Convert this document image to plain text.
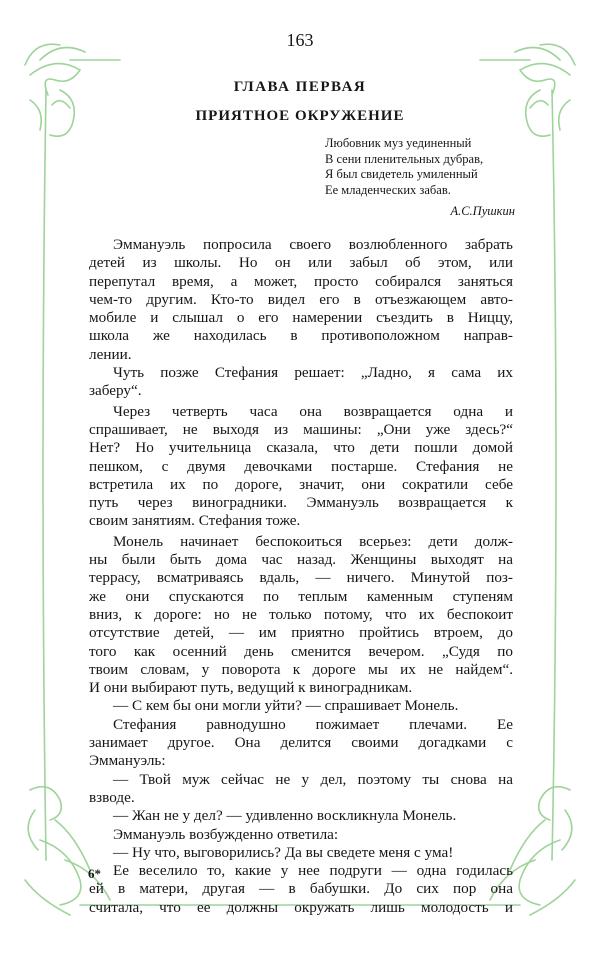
163
ГЛАВА ПЕРВАЯ
ПРИЯТНОЕ ОКРУЖЕНИЕ
Любовник муз уединенный
В сени пленительных дубрав,
Я был свидетель умиленный
Ее младенческих забав.
А.С.Пушкин
Эммануэль попросила своего возлюбленного забрать
детей из школы. Но он или забыл об этом, или
перепутал время, а может, просто собирался заняться
чем-то другим. Кто-то видел его в отъезжающем авто-
мобиле и слышал о его намерении съездить в Ниццу,
школа же находилась в противоположном направ-
лении.
Чуть позже Стефания решает: „Ладно, я сама их
заберу“.
Через четверть часа она возвращается одна и
спрашивает, не выходя из машины: „Они уже здесь?“
Нет? Но учительница сказала, что дети пошли домой
пешком, с двумя девочками постарше. Стефания не
встретила их по дороге, значит, они сократили себе
путь через виноградники. Эммануэль возвращается к
своим занятиям. Стефания тоже.
Монель начинает беспокоиться всерьез: дети долж-
ны были быть дома час назад. Женщины выходят на
террасу, всматриваясь вдаль, — ничего. Минутой поз-
же они спускаются по теплым каменным ступеням
вниз, к дороге: но не только потому, что их беспокоит
отсутствие детей, — им приятно пройтись втроем, до
того как осенний день сменится вечером. „Судя по
твоим словам, у поворота к дороге мы их не найдем“.
И они выбирают путь, ведущий к виноградникам.
— С кем бы они могли уйти? — спрашивает Монель.
Стефания равнодушно пожимает плечами. Ее
занимает другое. Она делится своими догадками с
Эммануэль:
— Твой муж сейчас не у дел, поэтому ты снова на
взводе.
— Жан не у дел? — удивленно воскликнула Монель.
Эммануэль возбужденно ответила:
— Ну что, выговорились? Да вы сведете меня с ума!
Ее веселило то, какие у нее подруги — одна годилась
ей в матери, другая — в бабушки. До сих пор она
считала, что ее должны окружать лишь молодость и
6*
